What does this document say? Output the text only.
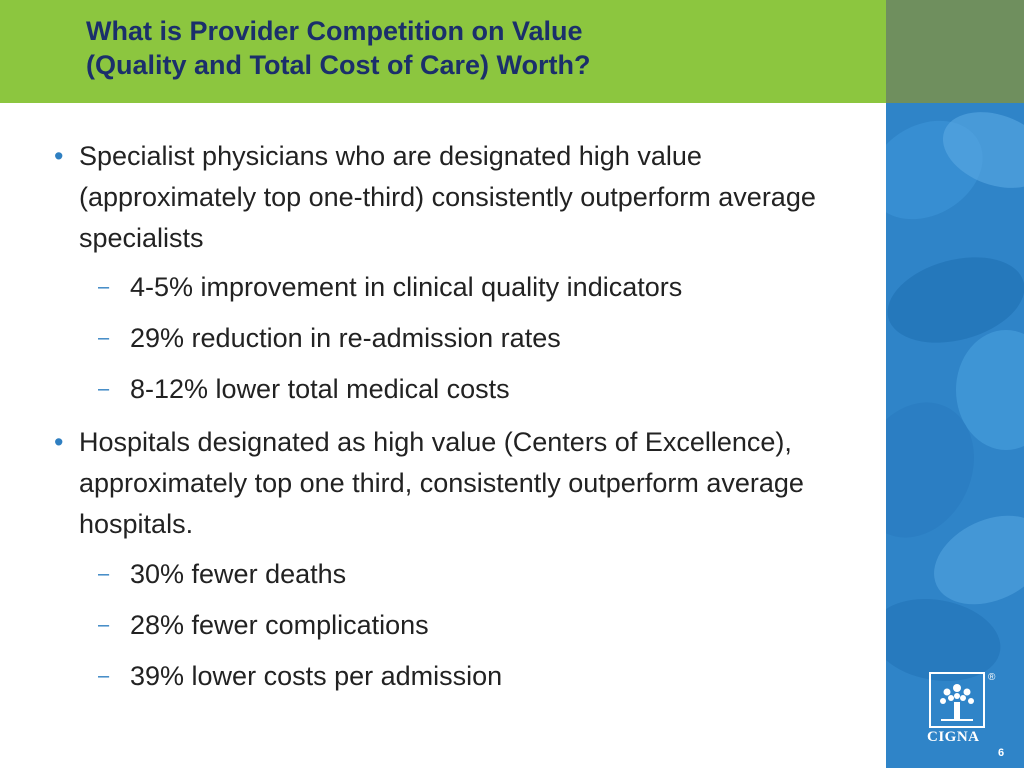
What is Provider Competition on Value
(Quality and Total Cost of Care) Worth?
• Specialist physicians who are designated high value (approximately top one-third) consistently outperform average specialists
– 4-5% improvement in clinical quality indicators
– 29% reduction in re-admission rates
– 8-12% lower total medical costs
• Hospitals designated as high value (Centers of Excellence), approximately top one third, consistently outperform average hospitals.
– 30% fewer deaths
– 28% fewer complications
– 39% lower costs per admission	®
CIGNA
6
